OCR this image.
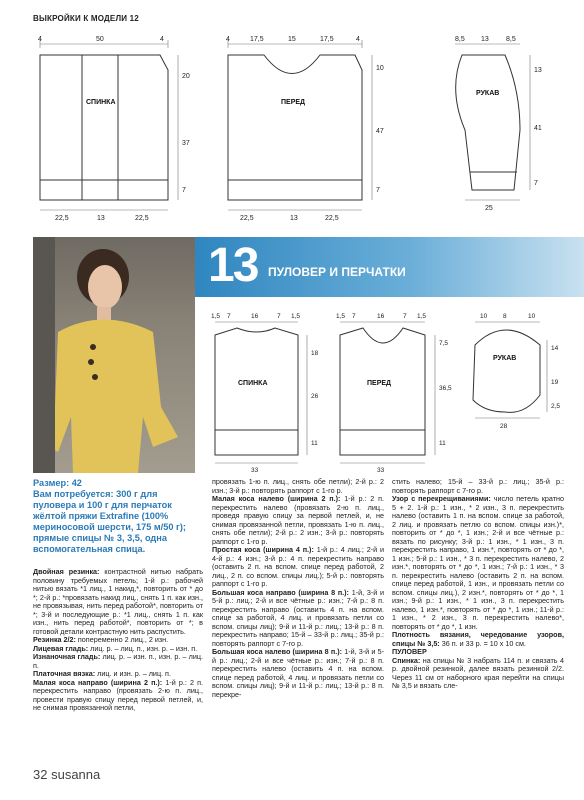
ВЫКРОЙКИ К МОДЕЛИ 12
4	50	4
20
37
7
22,5	13	22,5
4	17,5	15	17,5	4
10
47
7
22,5	13	22,5
8,5 13 8,5
13
41
7
25
СПИНКА	ПЕРЕД
РУКАВ
13 ПУЛОВЕР И ПЕРЧАТКИ
1,5 7	16	7 1,5
18
26
11
33
1,5 7	16	7 1,5
7,5
36,5
11
33
10 8	10
14
19
2,5
28
СПИНКА	ПЕРЕД
РУКАВ
Размер: 42
Вам потребуется: 300 г для пуловера и 100 г для перчаток жёлтой пряжи Extrafine (100% мериносовой шерсти, 175 м/50 г); прямые спицы № 3, 3,5, одна вспомогательная спица.

Двойная резинка: контрастной нитью набрать половину требуемых петель; 1-й р.: рабочей нитью вязать *1 лиц., 1 накид,*, повторить от * до *; 2-й р.: *провязать накид лиц., снять 1 п. как изн., не провязывая, нить перед работой*, повторить от *; 3-й и последующие р.: *1 лиц., снять 1 п. как изн., нить перед работой*, повторить от *; в готовой детали контрастную нить распустить.

Резинка 2/2: попеременно 2 лиц., 2 изн.

Лицевая гладь: лиц. р. – лиц. п., изн. р. – изн. п.

Изнаночная гладь: лиц. р. – изн. п., изн. р. – лиц. п.

Платочная вязка: лиц. и изн. р. – лиц. п.

Малая коса направо (ширина 2 п.): 1-й р.: 2 п. перекрестить направо (провязать 2-ю п. лиц., провести правую спицу перед первой петлей, и, не снимая провязанной петли,

провязать 1-ю п. лиц., снять обе петли); 2-й р.: 2 изн.; 3-й р.: повторять раппорт с 1-го р.

Малая коса налево (ширина 2 п.): 1-й р.: 2 п. перекрестить налево (провязать 2-ю п. лиц., проведя правую спицу за первой петлей, и, не снимая провязанной петли, провязать 1-ю п. лиц., снять обе петли); 2-й р.: 2 изн.; 3-й р.: повторять раппорт с 1-го р.

Простая коса (ширина 4 п.): 1-й р.: 4 лиц.; 2-й и 4-й р.: 4 изн.; 3-й р.: 4 п. перекрестить направо (оставить 2 п. на вспом. спице перед работой, 2 лиц., 2 п. со вспом. спицы лиц.); 5-й р.: повторять раппорт с 1-го р.

Большая коса направо (ширина 8 п.): 1-й, 3-й и 5-й р.: лиц.; 2-й и все чётные р.: изн.; 7-й р.: 8 п. перекрестить направо (оставить 4 п. на вспом. спице за работой, 4 лиц. и провязать петли со вспом. спицы лиц); 9-й и 11-й р.: лиц.; 13-й р.: 8 п. перекрестить направо; 15-й – 33-й р.: лиц.; 35-й р.: повторять раппорт с 7-го р.

Большая коса налево (ширина 8 п.): 1-й, 3-й и 5-й р.: лиц.; 2-й и все чётные р.: изн.; 7-й р.: 8 п. перекрестить налево (оставить 4 п. на вспом. спице перед работой, 4 лиц. и провязать петли со вспом. спицы лиц); 9-й и 11-й р.: лиц.; 13-й р.: 8 п. перекре-

стить налево; 15-й – 33-й р.: лиц.; 35-й р.: повторять раппорт с 7-го р.

Узор с перекрещиваниями: число петель кратно 5 + 2. 1-й р.: 1 изн., * 2 изн., 3 п. перекрестить налево (оставить 1 п. на вспом. спице за работой, 2 лиц. и провязать петлю со вспом. спицы изн.)*, повторить от * до *, 1 изн.; 2-й и все чётные р.: вязать по рисунку; 3-й р.: 1 изн., * 1 изн., 3 п. перекрестить направо, 1 изн.*, повторять от * до *, 1 изн.; 5-й р.: 1 изн., * 3 п. перекрестить налево, 2 изн.*, повторять от * до *, 1 изн.; 7-й р.: 1 изн., * 3 п. перекрестить налево (оставить 2 п. на вспом. спице перед работой, 1 изн., и провязать петли со вспом. спицы лиц.), 2 изн.*, повторять от * до *, 1 изн.; 9-й р.: 1 изн., * 1 изн., 3 п. перекрестить налево, 1 изн.*, повторять от * до *, 1 изн.; 11-й р.: 1 изн., * 2 изн., 3 п. перекрестить налево*, повторять от * до *, 1 изн.

Плотность вязания, чередование узоров, спицы № 3,5: 36 п. и 33 р. = 10 х 10 см.

ПУЛОВЕР

Спинка: на спицы № 3 набрать 114 п. и связать 4 р. двойной резинкой, далее вязать резинкой 2/2. Через 11 см от наборного края перейти на спицы № 3,5 и вязать сле-

32 susanna
